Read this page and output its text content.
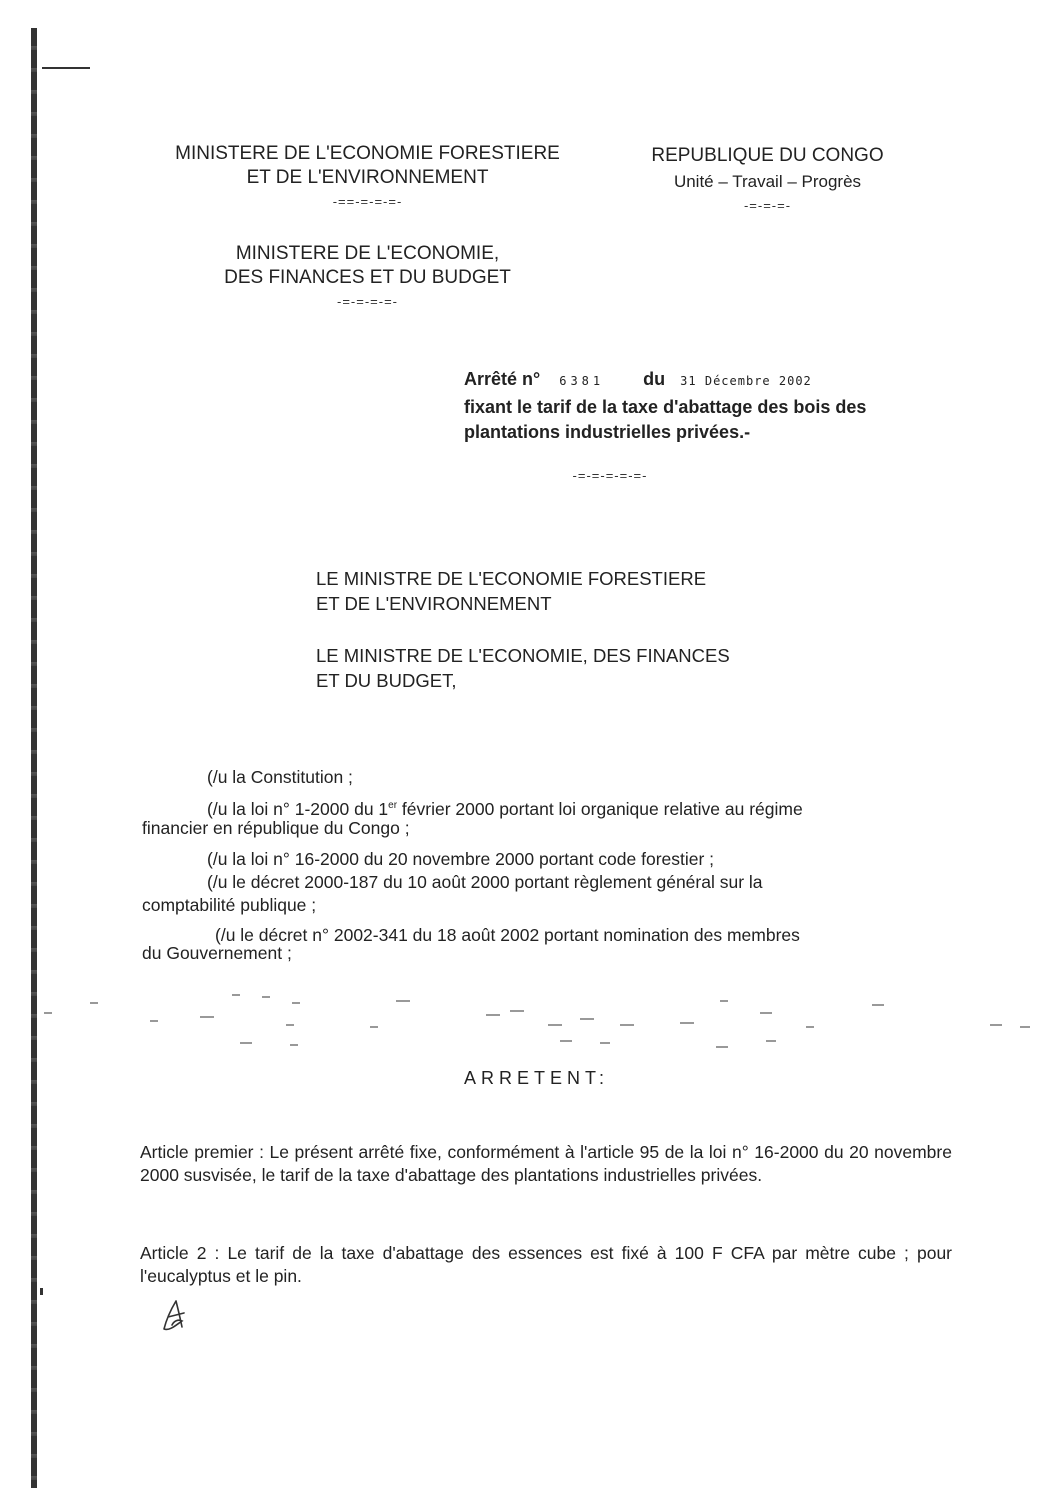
MINISTERE DE L'ECONOMIE FORESTIERE
ET DE L'ENVIRONNEMENT
-==-=-=-=-
MINISTERE DE L'ECONOMIE,
DES FINANCES ET DU BUDGET
-=-=-=-=-
REPUBLIQUE DU CONGO
Unité – Travail – Progrès
-=-=-=-
Arrêté n° 6381 du 31 Décembre 2002
fixant le tarif de la taxe d'abattage des bois des
plantations industrielles privées.-
-=-=-=-=-=-
LE MINISTRE DE L'ECONOMIE FORESTIERE
ET DE L'ENVIRONNEMENT
LE MINISTRE DE L'ECONOMIE, DES FINANCES
ET DU BUDGET,
(/u la Constitution ;
(/u la loi n° 1-2000 du 1er février 2000 portant loi organique relative au régime
financier en république du Congo ;
(/u la loi n° 16-2000 du 20 novembre 2000 portant code forestier ;
(/u le décret 2000-187 du 10 août 2000 portant règlement général sur la
comptabilité publique ;
(/u le décret n° 2002-341 du 18 août 2002 portant nomination des membres
du Gouvernement ;
ARRETENT:
Article premier : Le présent arrêté fixe, conformément à l'article 95 de la loi n° 16-2000 du 20 novembre 2000 susvisée, le tarif de la taxe d'abattage des plantations industrielles privées.
Article 2 : Le tarif de la taxe d'abattage des essences est fixé à 100 F CFA par mètre cube ; pour l'eucalyptus et le pin.
